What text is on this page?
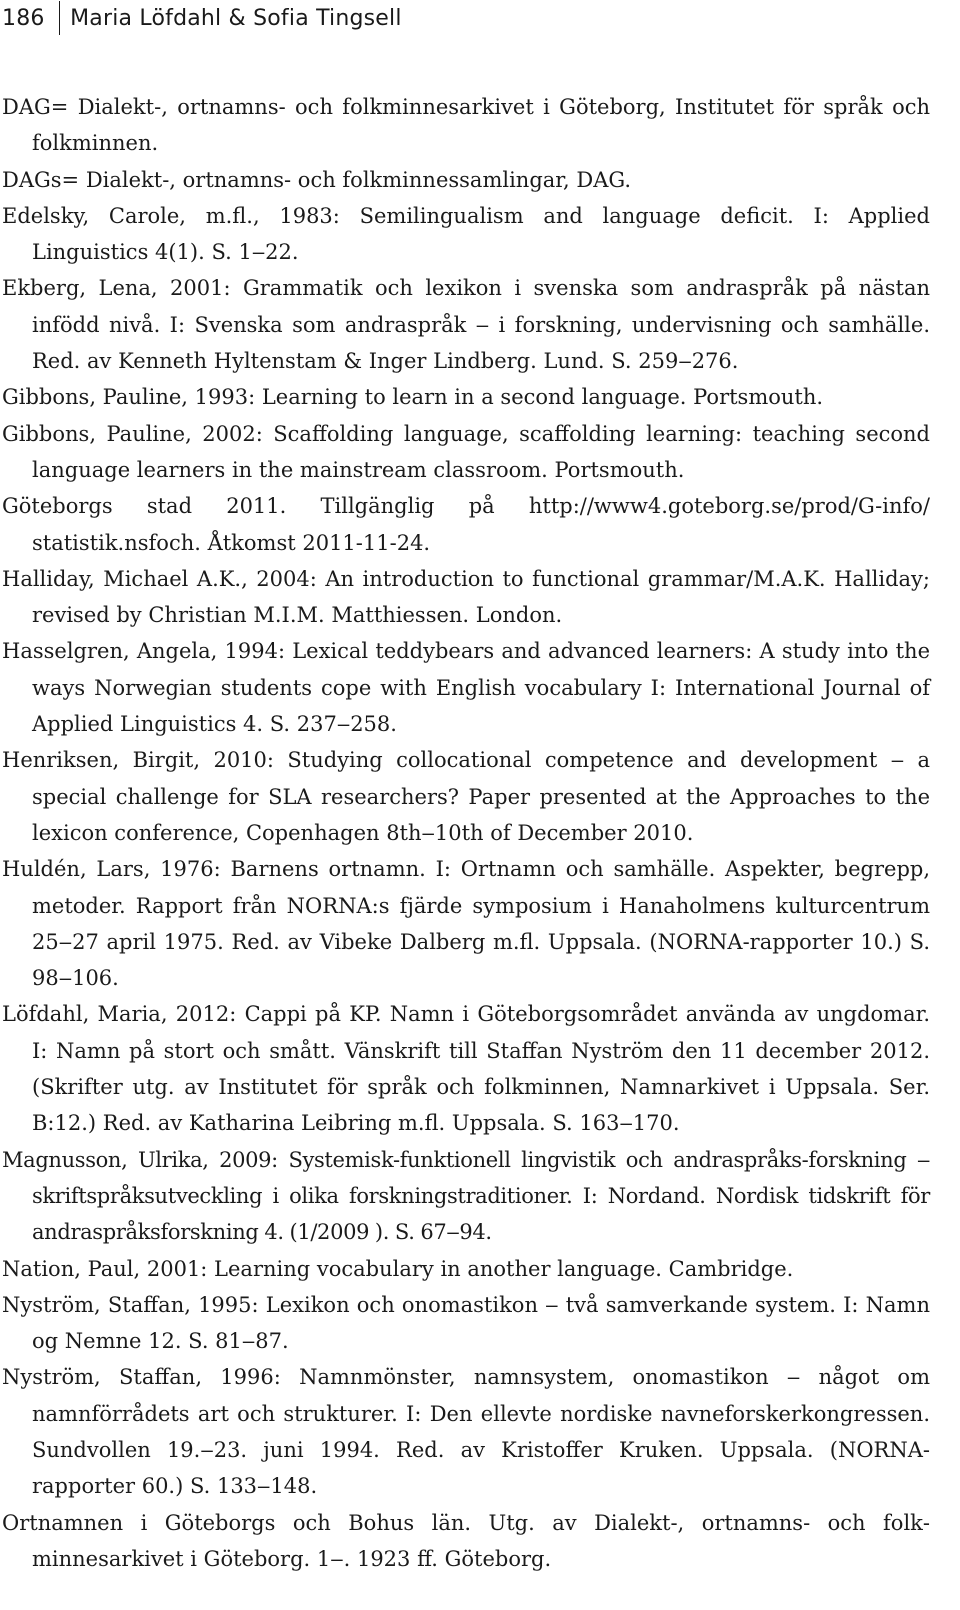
186 Maria Löfdahl & Sofia Tingsell
DAG= Dialekt-, ortnamns- och folkminnesarkivet i Göteborg, Institutet för språk och folkminnen.
DAGs= Dialekt-, ortnamns- och folkminnessamlingar, DAG.
Edelsky, Carole, m.fl., 1983: Semilingualism and language deficit. I: Applied Linguistics 4(1). S. 1‒22.
Ekberg, Lena, 2001: Grammatik och lexikon i svenska som andraspråk på nästan infödd nivå. I: Svenska som andraspråk ‒ i forskning, undervisning och samhälle. Red. av Kenneth Hyltenstam & Inger Lindberg. Lund. S. 259‒276.
Gibbons, Pauline, 1993: Learning to learn in a second language. Portsmouth.
Gibbons, Pauline, 2002: Scaffolding language, scaffolding learning: teaching second language learners in the mainstream classroom. Portsmouth.
Göteborgs stad 2011. Tillgänglig på http://www4.goteborg.se/prod/G-info/ statistik.nsfoch. Åtkomst 2011-11-24.
Halliday, Michael A.K., 2004: An introduction to functional grammar/M.A.K. Halliday; revised by Christian M.I.M. Matthiessen. London.
Hasselgren, Angela, 1994: Lexical teddybears and advanced learners: A study into the ways Norwegian students cope with English vocabulary I: International Journal of Applied Linguistics 4. S. 237‒258.
Henriksen, Birgit, 2010: Studying collocational competence and development ‒ a special challenge for SLA researchers? Paper presented at the Approaches to the lexicon conference, Copenhagen 8th‒10th of December 2010.
Huldén, Lars, 1976: Barnens ortnamn. I: Ortnamn och samhälle. Aspekter, begrepp, metoder. Rapport från NORNA:s fjärde symposium i Hanaholmens kulturcentrum 25‒27 april 1975. Red. av Vibeke Dalberg m.fl. Uppsala. (NORNA-rapporter 10.) S. 98‒106.
Löfdahl, Maria, 2012: Cappi på KP. Namn i Göteborgsområdet använda av ungdomar. I: Namn på stort och smått. Vänskrift till Staffan Nyström den 11 december 2012. (Skrifter utg. av Institutet för språk och folkminnen, Namnarkivet i Uppsala. Ser. B:12.) Red. av Katharina Leibring m.fl. Uppsala. S. 163‒170.
Magnusson, Ulrika, 2009: Systemisk-funktionell lingvistik och andraspråks-forskning ‒ skriftspråksutveckling i olika forskningstraditioner. I: Nordand. Nordisk tidskrift för andraspråksforskning 4. (1/2009 ). S. 67‒94.
Nation, Paul, 2001: Learning vocabulary in another language. Cambridge.
Nyström, Staffan, 1995: Lexikon och onomastikon ‒ två samverkande system. I: Namn og Nemne 12. S. 81‒87.
Nyström, Staffan, 1996: Namnmönster, namnsystem, onomastikon ‒ något om namnförrådets art och strukturer. I: Den ellevte nordiske navneforskerkongressen. Sundvollen 19.‒23. juni 1994. Red. av Kristoffer Kruken. Uppsala. (NORNA-rapporter 60.) S. 133‒148.
Ortnamnen i Göteborgs och Bohus län. Utg. av Dialekt-, ortnamns- och folkminnesarkivet i Göteborg. 1‒. 1923 ff. Göteborg.
